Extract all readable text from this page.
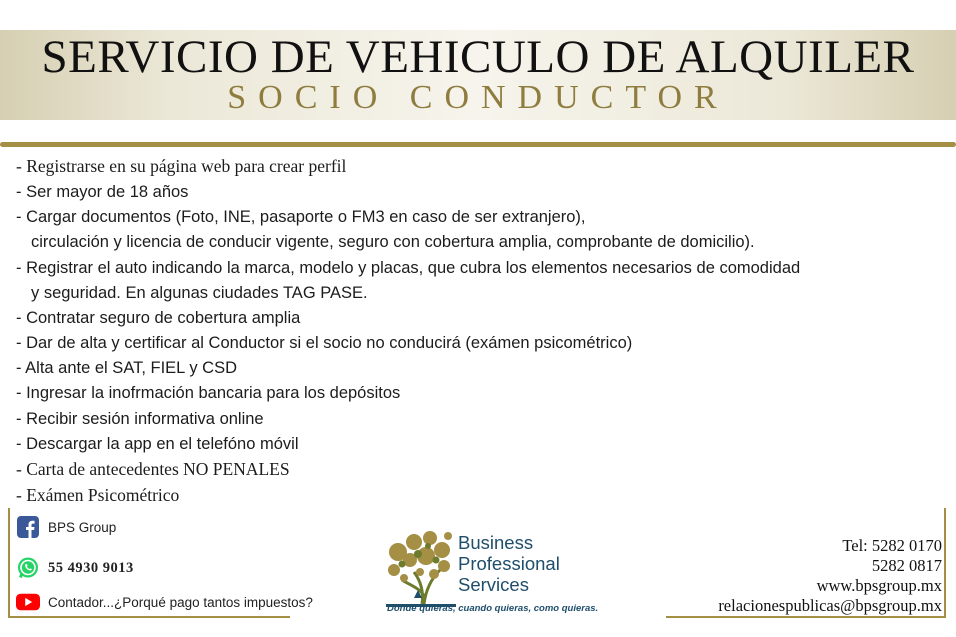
SERVICIO DE VEHICULO DE ALQUILER
SOCIO CONDUCTOR
- Registrarse en su página web para crear perfil
- Ser mayor de 18 años
- Cargar documentos (Foto, INE, pasaporte o FM3 en caso de ser extranjero),
circulación y licencia de conducir vigente, seguro con cobertura amplia, comprobante de domicilio).
- Registrar el auto indicando la marca, modelo y placas, que cubra los elementos necesarios de comodidad
y seguridad. En algunas ciudades TAG PASE.
- Contratar seguro de cobertura amplia
- Dar de alta y certificar al Conductor si el socio no conducirá (exámen psicométrico)
- Alta ante el SAT, FIEL y CSD
- Ingresar la inofrmación bancaria para los depósitos
- Recibir sesión informativa online
- Descargar la app en el telefóno móvil
- Carta de antecedentes NO PENALES
- Exámen Psicométrico
BPS Group
55 4930 9013
Contador...¿Porqué pago tantos impuestos?
Business
Professional
Services
Donde quieras, cuando quieras, como quieras.
Tel: 5282 0170
5282 0817
www.bpsgroup.mx
relacionespublicas@bpsgroup.mx
